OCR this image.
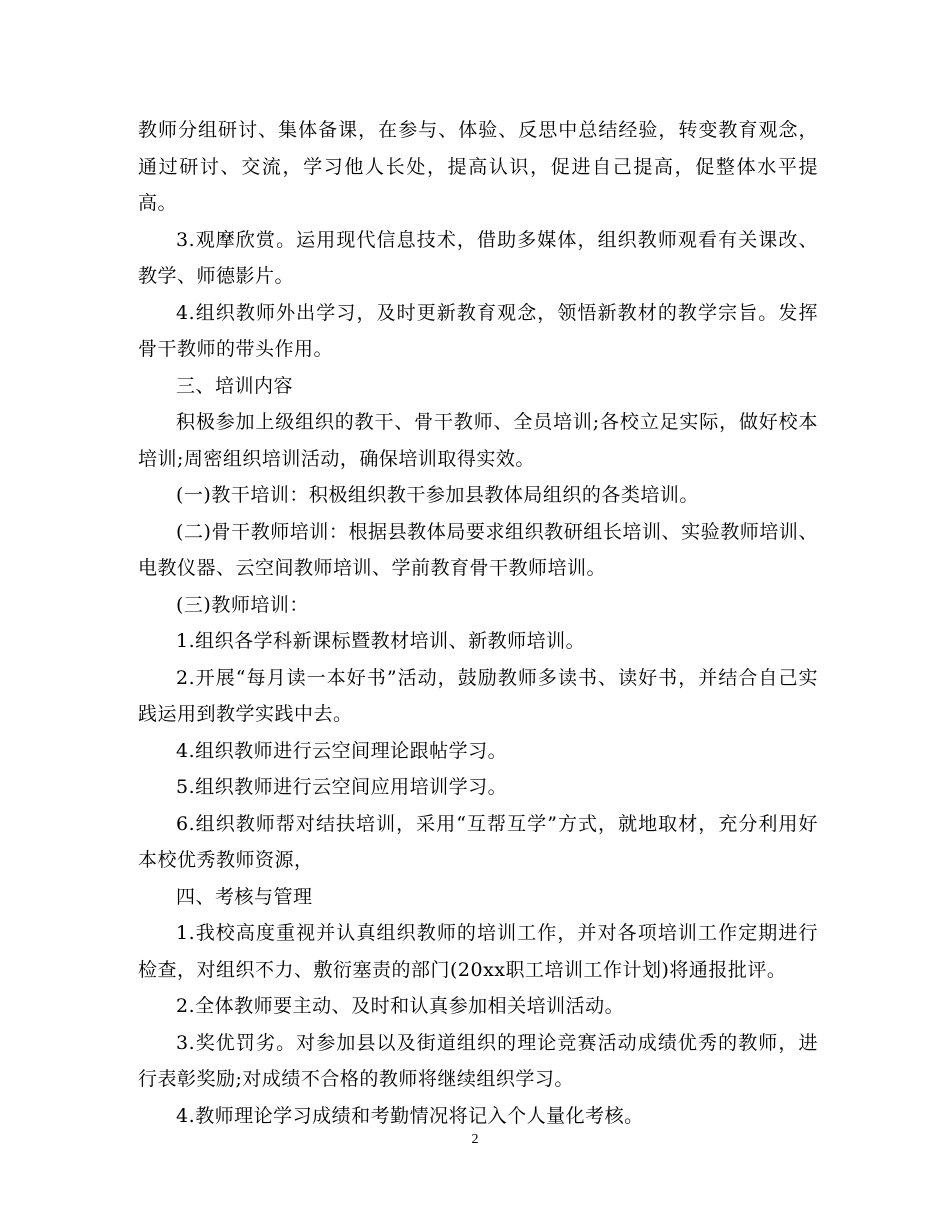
教师分组研讨、集体备课，在参与、体验、反思中总结经验，转变教育观念，通过研讨、交流，学习他人长处，提高认识，促进自己提高，促整体水平提高。

3.观摩欣赏。运用现代信息技术，借助多媒体，组织教师观看有关课改、教学、师德影片。

4.组织教师外出学习，及时更新教育观念，领悟新教材的教学宗旨。发挥骨干教师的带头作用。

三、培训内容

积极参加上级组织的教干、骨干教师、全员培训;各校立足实际，做好校本培训;周密组织培训活动，确保培训取得实效。

(一)教干培训：积极组织教干参加县教体局组织的各类培训。

(二)骨干教师培训：根据县教体局要求组织教研组长培训、实验教师培训、电教仪器、云空间教师培训、学前教育骨干教师培训。

(三)教师培训：

1.组织各学科新课标暨教材培训、新教师培训。

2.开展“每月读一本好书”活动，鼓励教师多读书、读好书，并结合自己实践运用到教学实践中去。

4.组织教师进行云空间理论跟帖学习。

5.组织教师进行云空间应用培训学习。

6.组织教师帮对结扶培训，采用“互帮互学”方式，就地取材，充分利用好本校优秀教师资源，

四、考核与管理

1.我校高度重视并认真组织教师的培训工作，并对各项培训工作定期进行检查，对组织不力、敷衍塞责的部门(20xx职工培训工作计划)将通报批评。

2.全体教师要主动、及时和认真参加相关培训活动。

3.奖优罚劣。对参加县以及街道组织的理论竞赛活动成绩优秀的教师，进行表彰奖励;对成绩不合格的教师将继续组织学习。

4.教师理论学习成绩和考勤情况将记入个人量化考核。

2
